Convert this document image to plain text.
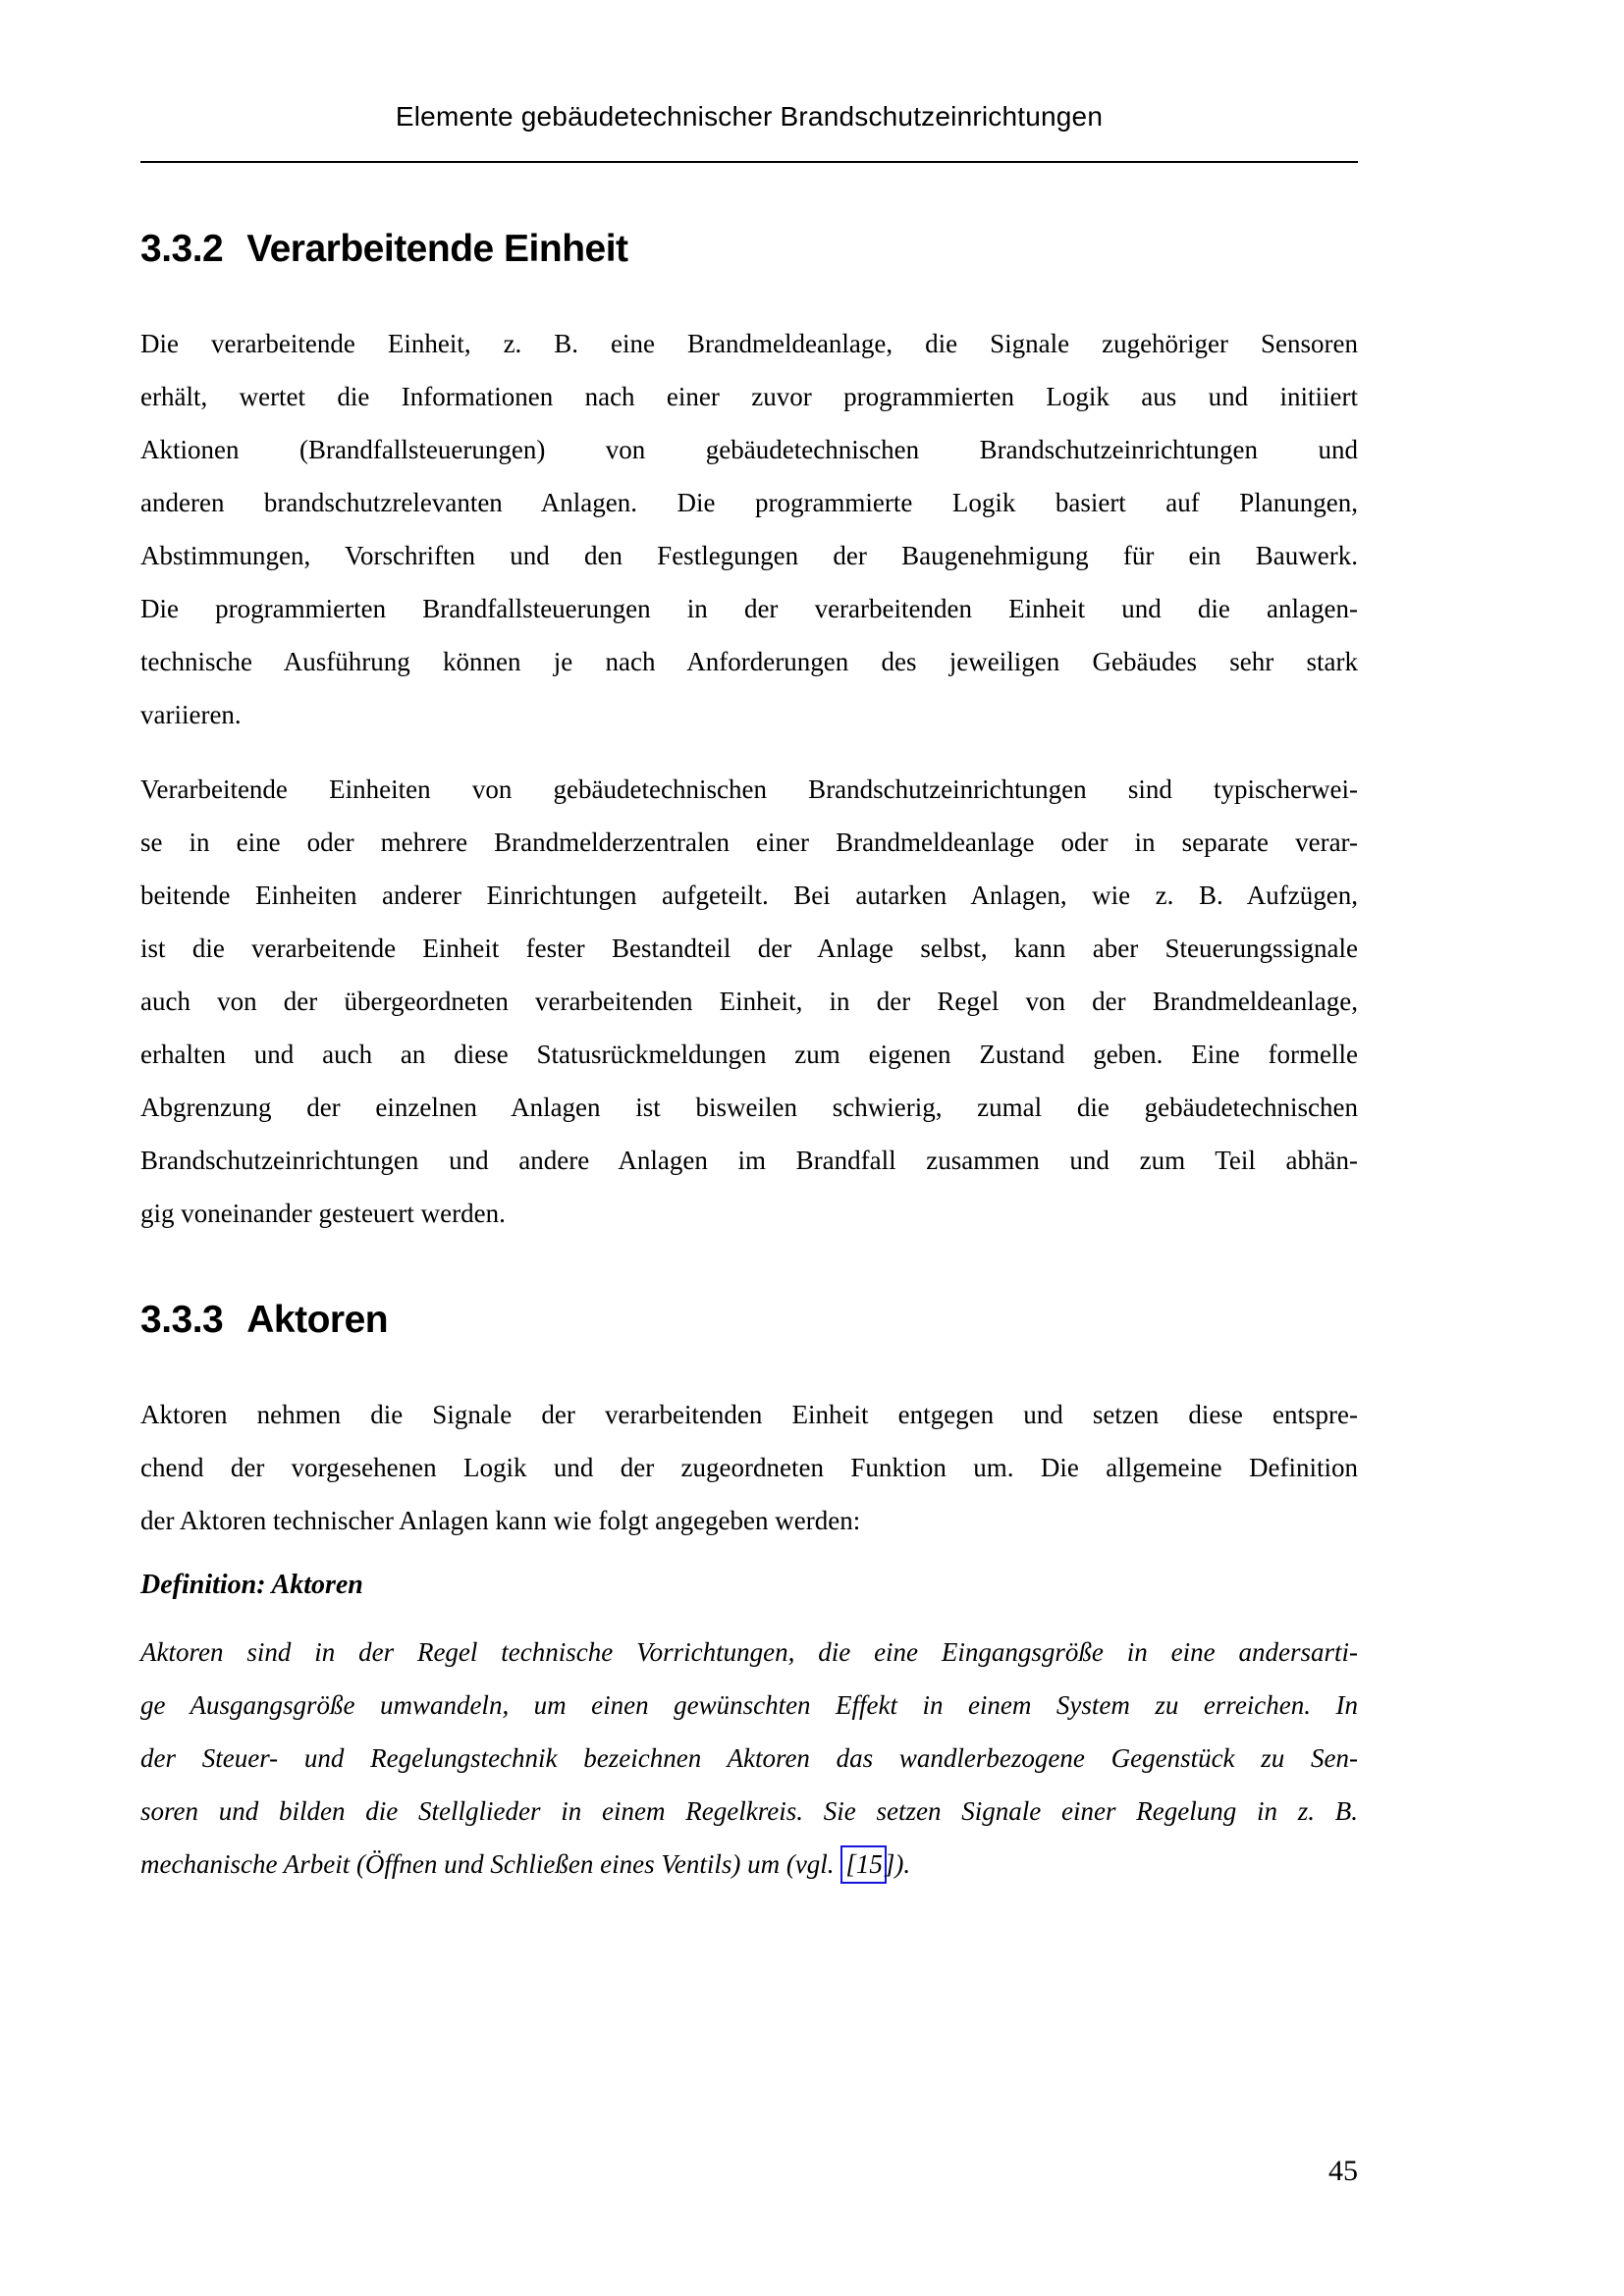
Elemente gebäudetechnischer Brandschutzeinrichtungen
3.3.2 Verarbeitende Einheit
Die verarbeitende Einheit, z. B. eine Brandmeldeanlage, die Signale zugehöriger Sensoren
erhält, wertet die Informationen nach einer zuvor programmierten Logik aus und initiiert
Aktionen (Brandfallsteuerungen) von gebäudetechnischen Brandschutzeinrichtungen und
anderen brandschutzrelevanten Anlagen. Die programmierte Logik basiert auf Planungen,
Abstimmungen, Vorschriften und den Festlegungen der Baugenehmigung für ein Bauwerk.
Die programmierten Brandfallsteuerungen in der verarbeitenden Einheit und die anlagen-
technische Ausführung können je nach Anforderungen des jeweiligen Gebäudes sehr stark
variieren.
Verarbeitende Einheiten von gebäudetechnischen Brandschutzeinrichtungen sind typischerwei-
se in eine oder mehrere Brandmelderzentralen einer Brandmeldeanlage oder in separate verar-
beitende Einheiten anderer Einrichtungen aufgeteilt. Bei autarken Anlagen, wie z. B. Aufzügen,
ist die verarbeitende Einheit fester Bestandteil der Anlage selbst, kann aber Steuerungssignale
auch von der übergeordneten verarbeitenden Einheit, in der Regel von der Brandmeldeanlage,
erhalten und auch an diese Statusrückmeldungen zum eigenen Zustand geben. Eine formelle
Abgrenzung der einzelnen Anlagen ist bisweilen schwierig, zumal die gebäudetechnischen
Brandschutzeinrichtungen und andere Anlagen im Brandfall zusammen und zum Teil abhän-
gig voneinander gesteuert werden.
3.3.3 Aktoren
Aktoren nehmen die Signale der verarbeitenden Einheit entgegen und setzen diese entspre-
chend der vorgesehenen Logik und der zugeordneten Funktion um. Die allgemeine Definition
der Aktoren technischer Anlagen kann wie folgt angegeben werden:
Definition: Aktoren
Aktoren sind in der Regel technische Vorrichtungen, die eine Eingangsgröße in eine andersarti-
ge Ausgangsgröße umwandeln, um einen gewünschten Effekt in einem System zu erreichen. In
der Steuer- und Regelungstechnik bezeichnen Aktoren das wandlerbezogene Gegenstück zu Sen-
soren und bilden die Stellglieder in einem Regelkreis. Sie setzen Signale einer Regelung in z. B.
mechanische Arbeit (Öffnen und Schließen eines Ventils) um (vgl. [15]).
45
